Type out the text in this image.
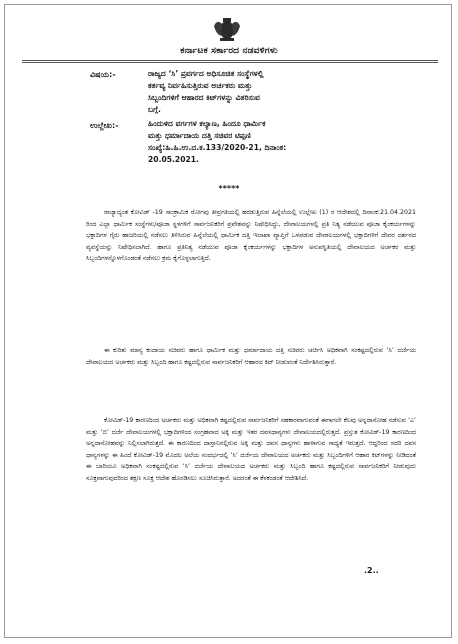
ಕರ್ನಾಟಕ ಸರ್ಕಾರದ ನಡವಳಿಗಳು
ವಿಷಯ:-	ರಾಜ್ಯದ ‘ಸಿ’ ಪ್ರವರ್ಗದ ಅಧಿಸೂಚಿತ ಸಂಸ್ಥೆಗಳಲ್ಲಿ
ಕರ್ತವ್ಯ ನಿರ್ವಹಿಸುತ್ತಿರುವ ಅರ್ಚಕರು ಮತ್ತು
ಸಿಬ್ಬಂದಿಗಳಿಗೆ ಆಹಾರದ ಕಿಟ್‌ಗಳನ್ನು ವಿತರಿಸುವ
ಬಗ್ಗೆ.
ಉಲ್ಲೇಖ:-	ಹಿಂದುಳಿದ ವರ್ಗಗಳ ಕಲ್ಯಾಣ, ಹಿಂದೂ ಧಾರ್ಮಿಕ
ಮತ್ತು ಧರ್ಮಾದಾಯ ದತ್ತಿ ಸಚಿವರ ಟಿಪ್ಪಣಿ
ಸಂಖ್ಯೆ:ಹಿ.ಹಿ.ಉ.ದ.ಕ.133/2020-21, ದಿನಾಂಕ:
20.05.2021.
*****

ರಾಜ್ಯಾದ್ಯಂತ ಕೋವಿಡ್ -19 ಸಾಂಕ್ರಾಮಿಕ ರೋಗವು ತೀವ್ರಗತಿಯಲ್ಲಿ ಹರಡುತ್ತಿರುವ ಹಿನ್ನೆಲೆಯಲ್ಲಿ ಉಲ್ಲೇಖ (1) ರ ಆದೇಶದಲ್ಲಿ ದಿನಾಂಕ:21.04.2021 ರಿಂದ ಎಲ್ಲಾ ಧಾರ್ಮಿಕ ಸಂಸ್ಥೆಗಳು/ಪೂಜಾ ಸ್ಥಳಗಳಿಗೆ ಸಾರ್ವಜನಿಕರಿಗೆ ಪ್ರವೇಶವನ್ನು ನಿಷೇಧಿಸಿದ್ದು, ದೇವಾಲಯಗಳಲ್ಲಿ ಪ್ರತಿ ನಿತ್ಯ ನಡೆಯುವ ಪೂಜಾ ಕೈಂಕರ್ಯಗಳನ್ನು ಭಕ್ತಾದಿಗಳ ಗೈರು ಹಾಜರಿಯಲ್ಲಿ ನಡೆಸಲು ತಿಳಿಸಿರುವ ಹಿನ್ನೆಲೆಯಲ್ಲಿ ಧಾರ್ಮಿಕ ದತ್ತಿ ಇಲಾಖಾ ವ್ಯಾಪ್ತಿಗೆ ಒಳಪಡುವ ದೇವಾಲಯಗಳಲ್ಲಿ ಭಕ್ತಾದಿಗಳಿಗೆ ದೇವರ ದರ್ಶನದ ವ್ಯವಸ್ಥೆಯನ್ನು ನಿಷೇಧಿಸಲಾಗಿದೆ. ಹಾಗೂ ಪ್ರತಿನಿತ್ಯ ನಡೆಯುವ ಪೂಜಾ ಕೈಂಕರ್ಯಗಳನ್ನು ಭಕ್ತಾದಿಗಳ ಅನುಪಸ್ಥಿತಿಯಲ್ಲಿ ದೇವಾಲಯದ ಅರ್ಚಕರ ಮತ್ತು ಸಿಬ್ಬಂದಿಗಳನ್ನೊಳಗೊಂಡಂತೆ ನಡೆಸಲು ಕ್ರಮ ಕೈಗೊಳ್ಳಲಾಗುತ್ತಿದೆ.

ಈ ಕುರಿತು ಮಾನ್ಯ ಕಂದಾಯ ಸಚಿವರು ಹಾಗೂ ಧಾರ್ಮಿಕ ಮತ್ತು ಧರ್ಮಾದಾಯ ದತ್ತಿ ಸಚಿವರು ಚರ್ಚಿಸಿ ಅಧಿಕವಾಗಿ ಸಂಕಷ್ಟದಲ್ಲಿರುವ ‘ಸಿ’ ದರ್ಜೆಯ ದೇವಾಲಯದ ಅರ್ಚಕರು ಮತ್ತು ಸಿಬ್ಬಂದಿ ಹಾಗೂ ಕಷ್ಟದಲ್ಲಿರುವ ಸಾರ್ವಜನಿಕರಿಗೆ ಆಹಾರದ ಕಿಟ್ ನೀಡುವಂತೆ ನಿರ್ದೇಶಿಸಿರುತ್ತಾರೆ.

ಕೋವಿಡ್-19 ಕಾರಣದಿಂದ ಅರ್ಚಕರು ಮತ್ತು ಅಧಿಕವಾಗಿ ಕಷ್ಟದಲ್ಲಿರುವ ಸಾರ್ವಜನಿಕರಿಗೆ ಸಹಕಾರವಾಗುವಂತೆ ಈಗಾಗಲೇ ಕೆಲವು ಅನ್ನದಾಸೋಹ ನಡೆಸುವ ‘ಎ’ ಮತ್ತು ‘ಬಿ’ ದರ್ಜೆ ದೇವಾಲಯಗಳಲ್ಲಿ ಭಕ್ತಾದಿಗಳಿಂದ ಸಂಗ್ರಹವಾದ ಅಕ್ಕಿ ಮತ್ತು ಇತರ ದವಸಧಾನ್ಯಗಳು ದೇವಾಲಯದಲ್ಲಿರುತ್ತದೆ. ಪ್ರಸ್ತುತ ಕೋವಿಡ್-19 ಕಾರಣದಿಂದ ಅನ್ನದಾಸೋಹವನ್ನು ನಿಲ್ಲಿಸಲಾಗಿರುತ್ತದೆ. ಈ ಕಾರಣದಿಂದ ದಾಸ್ತಾನಿನಲ್ಲಿರುವ ಅಕ್ಕಿ ಮತ್ತು ದವಸ ಧಾನ್ಯಗಳು ಹಾಳಾಗುವ ಸಾಧ್ಯತೆ ಇರುತ್ತದೆ. ಆದ್ದರಿಂದ ಸದರಿ ದವಸ ಧಾನ್ಯಗಳನ್ನು ಈ ಹಿಂದೆ ಕೋವಿಡ್-19 ಮೊದಲ ಅಲೆಯ ಸಂದರ್ಭದಲ್ಲಿ ‘ಸಿ’ ದರ್ಜೆಯ ದೇವಾಲಯದ ಅರ್ಚಕರು ಮತ್ತು ಸಿಬ್ಬಂದಿಗಳಿಗೆ ಆಹಾರ ಕಿಟ್‌ಗಳನ್ನು ನೀಡಿದಂತೆ ಈ ಬಾರಿಯೂ ಅಧಿಕವಾಗಿ ಸಂಕಷ್ಟದಲ್ಲಿರುವ ‘ಸಿ’ ದರ್ಜೆಯ ದೇವಾಲಯದ ಅರ್ಚಕರು ಮತ್ತು ಸಿಬ್ಬಂದಿ ಹಾಗೂ ಕಷ್ಟದಲ್ಲಿರುವ ಸಾರ್ವಜನಿಕರಿಗೆ ನೀಡುವುದು ಸೂಕ್ತವಾಗುವುದರಿಂದ ತಕ್ಷಣ ಸೂಕ್ತ ಆದೇಶ ಹೊರಡಿಸಲು ಸೂಚಿಸಿರುತ್ತಾರೆ. ಅದರಂತೆ ಈ ಕೆಳಕಂಡಂತೆ ಆದೇಶಿಸಿದೆ.

.2..
